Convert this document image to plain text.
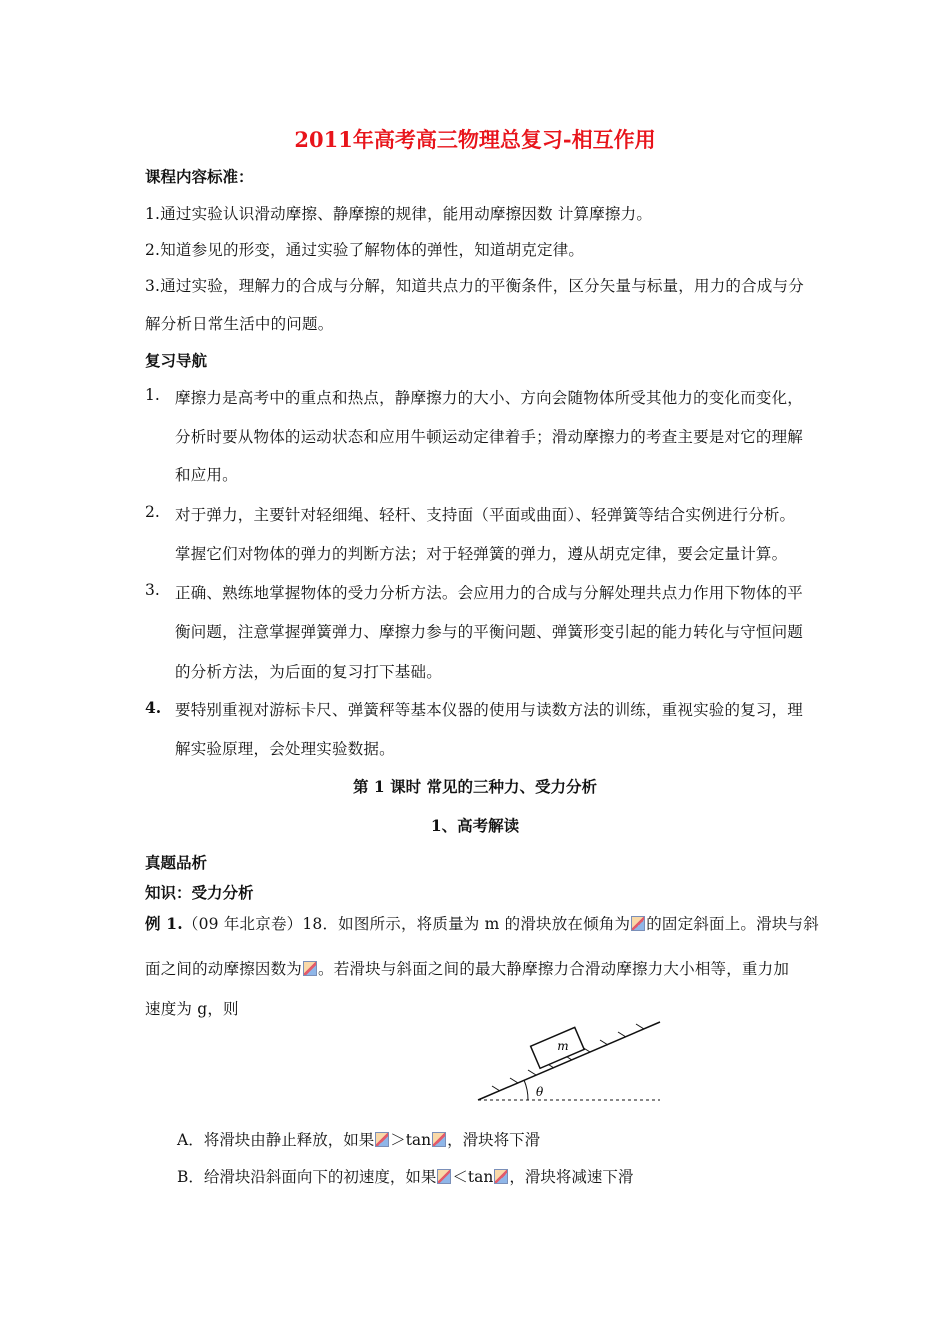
2011年高考高三物理总复习-相互作用
课程内容标准：
1.通过实验认识滑动摩擦、静摩擦的规律，能用动摩擦因数 计算摩擦力。
2.知道参见的形变，通过实验了解物体的弹性，知道胡克定律。
3.通过实验，理解力的合成与分解，知道共点力的平衡条件，区分矢量与标量，用力的合成与分
解分析日常生活中的问题。
复习导航
1. 摩擦力是高考中的重点和热点，静摩擦力的大小、方向会随物体所受其他力的变化而变化，
分析时要从物体的运动状态和应用牛顿运动定律着手；滑动摩擦力的考查主要是对它的理解
和应用。
2. 对于弹力，主要针对轻细绳、轻杆、支持面（平面或曲面）、轻弹簧等结合实例进行分析。
掌握它们对物体的弹力的判断方法；对于轻弹簧的弹力，遵从胡克定律，要会定量计算。
3. 正确、熟练地掌握物体的受力分析方法。会应用力的合成与分解处理共点力作用下物体的平
衡问题，注意掌握弹簧弹力、摩擦力参与的平衡问题、弹簧形变引起的能力转化与守恒问题
的分析方法，为后面的复习打下基础。
4. 要特别重视对游标卡尺、弹簧秤等基本仪器的使用与读数方法的训练，重视实验的复习，理
解实验原理，会处理实验数据。
第 1 课时 常见的三种力、受力分析
1、高考解读
真题品析
知识：受力分析
例 1.（09 年北京卷）18．如图所示，将质量为 m 的滑块放在倾角为 的固定斜面上。滑块与斜
面之间的动摩擦因数为 。若滑块与斜面之间的最大静摩擦力合滑动摩擦力大小相等，重力加
速度为 g，则
m
θ
A．将滑块由静止释放，如果 ＞tan ，滑块将下滑
B．给滑块沿斜面向下的初速度，如果 ＜tan ，滑块将减速下滑
